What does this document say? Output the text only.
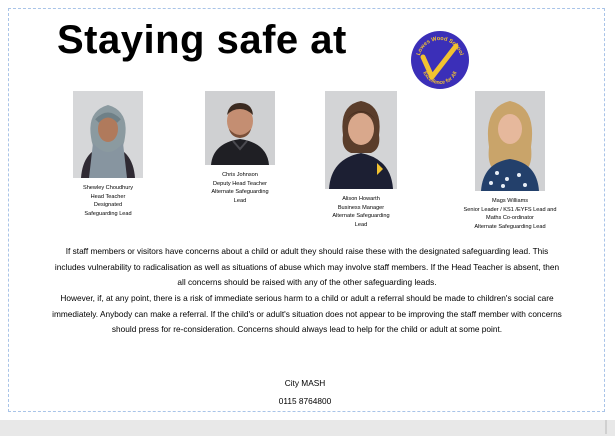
Staying safe at	Lowes Wood School
Excellence for All
Shewley Choudhury
Head Teacher
Designated Safeguarding Lead
Chris Johnson
Deputy Head Teacher
Alternate Safeguarding Lead	Alison Howarth
Business Manager
Alternate Safeguarding Lead
Mags Williams
Senior Leader / KS1 /EYFS Lead and Maths Co-ordinator
Alternate Safeguarding Lead
If staff members or visitors have concerns about a child or adult they should raise these with the designated safeguarding lead. This includes vulnerability to radicalisation as well as situations of abuse which may involve staff members. If the Head Teacher is absent, then all concerns should be raised with any of the other safeguarding leads.
However, if, at any point, there is a risk of immediate serious harm to a child or adult a referral should be made to children's social care immediately. Anybody can make a referral. If the child's or adult's situation does not appear to be improving the staff member with concerns should press for re-consideration. Concerns should always lead to help for the child or adult at some point.
City MASH
0115 8764800
